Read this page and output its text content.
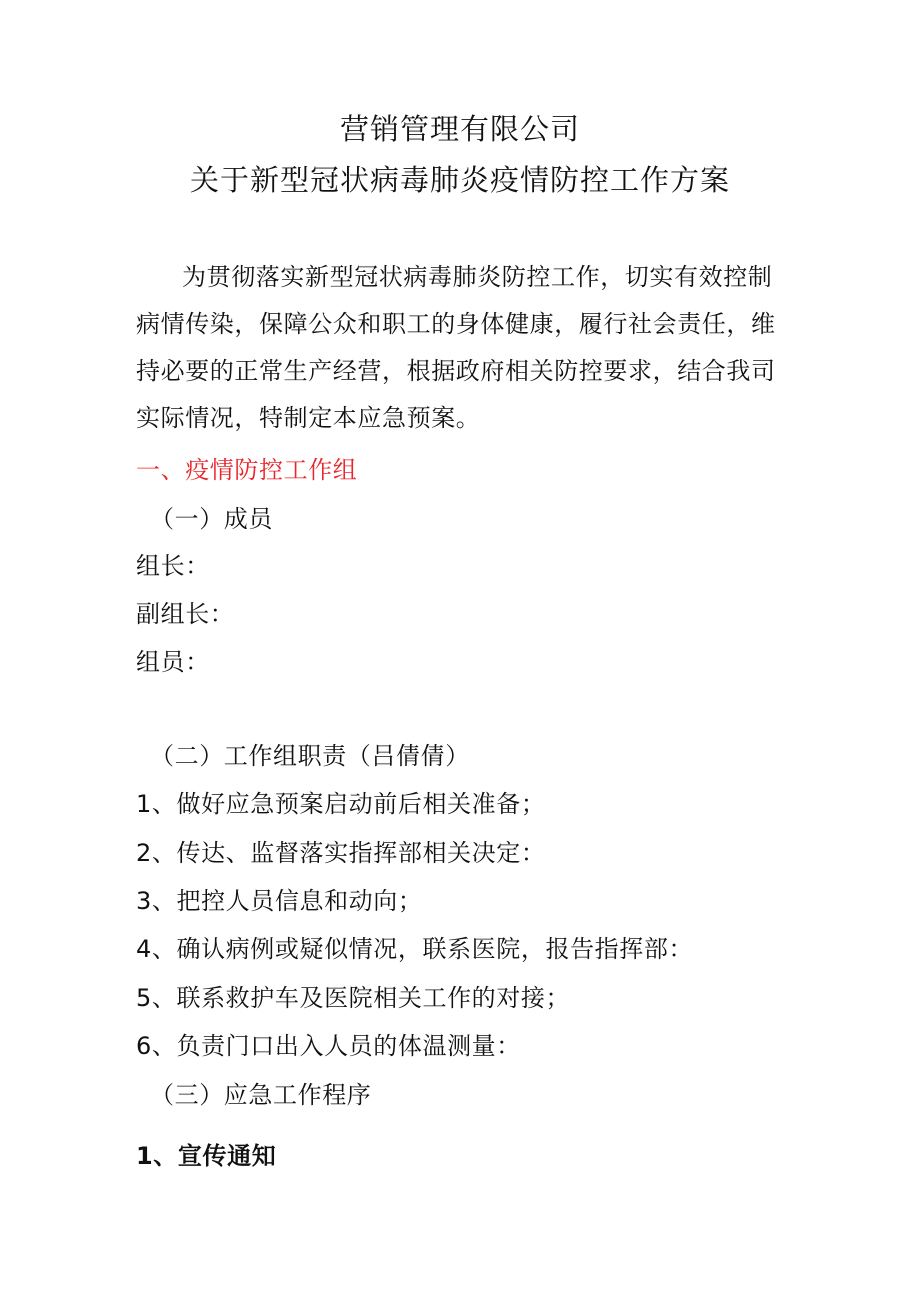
营销管理有限公司
关于新型冠状病毒肺炎疫情防控工作方案
为贯彻落实新型冠状病毒肺炎防控工作，切实有效控制病情传染，保障公众和职工的身体健康，履行社会责任，维持必要的正常生产经营，根据政府相关防控要求，结合我司实际情况，特制定本应急预案。
一、疫情防控工作组
（一）成员
组长：
副组长：
组员：
（二）工作组职责（吕倩倩）
1、做好应急预案启动前后相关准备；
2、传达、监督落实指挥部相关决定：
3、把控人员信息和动向；
4、确认病例或疑似情况，联系医院，报告指挥部：
5、联系救护车及医院相关工作的对接；
6、负责门口出入人员的体温测量：
（三）应急工作程序
1、宣传通知
